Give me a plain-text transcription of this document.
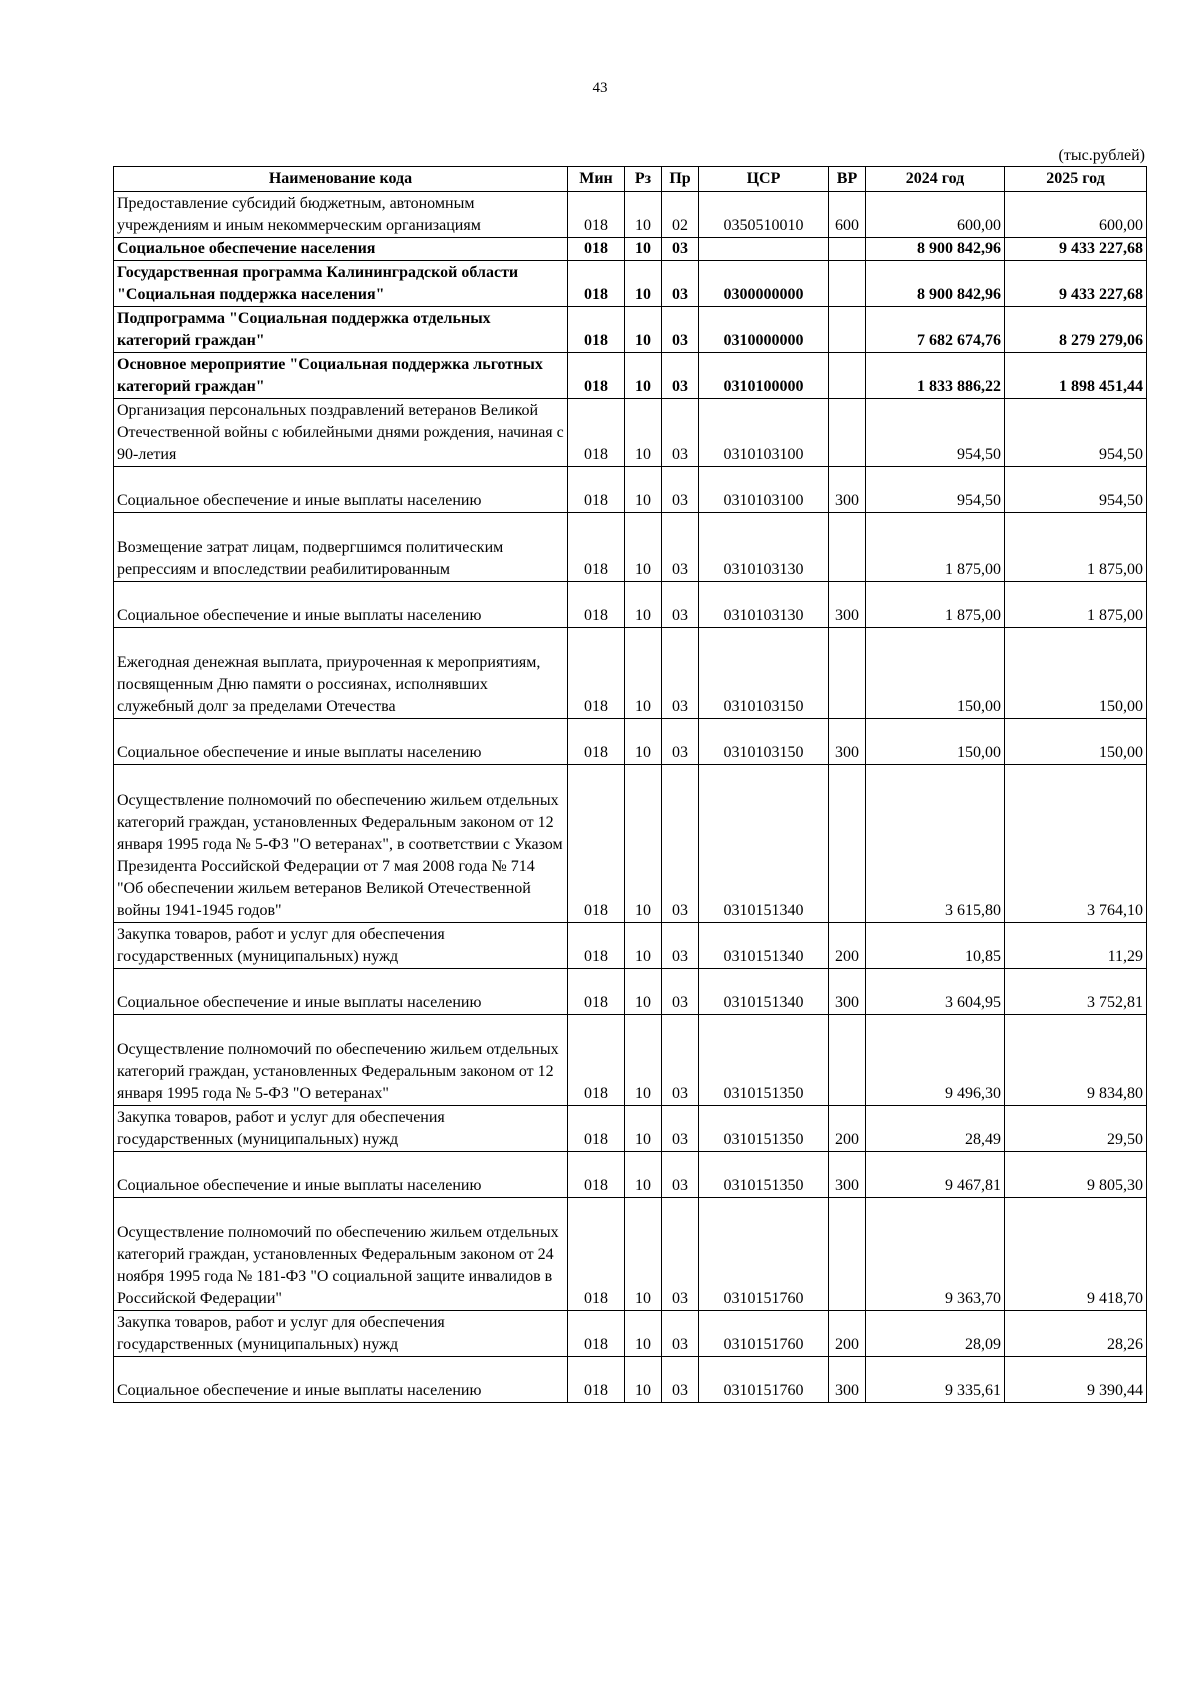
43
(тыс.рублей)
Наименование кода	Мин	Рз	Пр	ЦСР	ВР	2024 год	2025 год
Предоставление субсидий бюджетным, автономным учреждениям и иным некоммерческим организациям	018	10	02	0350510010	600	600,00	600,00
Социальное обеспечение населения	018	10	03			8 900 842,96	9 433 227,68
Государственная программа Калининградской области "Социальная поддержка населения"	018	10	03	0300000000		8 900 842,96	9 433 227,68
Подпрограмма "Социальная поддержка отдельных категорий граждан"	018	10	03	0310000000		7 682 674,76	8 279 279,06
Основное мероприятие "Социальная поддержка льготных категорий граждан"	018	10	03	0310100000		1 833 886,22	1 898 451,44
Организация персональных поздравлений ветеранов Великой Отечественной войны с юбилейными днями рождения, начиная с 90-летия	018	10	03	0310103100		954,50	954,50
Социальное обеспечение и иные выплаты населению	018	10	03	0310103100	300	954,50	954,50
Возмещение затрат лицам, подвергшимся политическим репрессиям и впоследствии реабилитированным	018	10	03	0310103130		1 875,00	1 875,00
Социальное обеспечение и иные выплаты населению	018	10	03	0310103130	300	1 875,00	1 875,00
Ежегодная денежная выплата, приуроченная к мероприятиям, посвященным Дню памяти о россиянах, исполнявших служебный долг за пределами Отечества	018	10	03	0310103150		150,00	150,00
Социальное обеспечение и иные выплаты населению	018	10	03	0310103150	300	150,00	150,00
Осуществление полномочий по обеспечению жильем отдельных категорий граждан, установленных Федеральным законом от 12 января 1995 года № 5-ФЗ "О ветеранах", в соответствии с Указом Президента Российской Федерации от 7 мая 2008 года № 714 "Об обеспечении жильем ветеранов Великой Отечественной войны 1941-1945 годов"	018	10	03	0310151340		3 615,80	3 764,10
Закупка товаров, работ и услуг для обеспечения государственных (муниципальных) нужд	018	10	03	0310151340	200	10,85	11,29
Социальное обеспечение и иные выплаты населению	018	10	03	0310151340	300	3 604,95	3 752,81
Осуществление полномочий по обеспечению жильем отдельных категорий граждан, установленных Федеральным законом от 12 января 1995 года № 5-ФЗ "О ветеранах"	018	10	03	0310151350		9 496,30	9 834,80
Закупка товаров, работ и услуг для обеспечения государственных (муниципальных) нужд	018	10	03	0310151350	200	28,49	29,50
Социальное обеспечение и иные выплаты населению	018	10	03	0310151350	300	9 467,81	9 805,30
Осуществление полномочий по обеспечению жильем отдельных категорий граждан, установленных Федеральным законом от 24 ноября 1995 года № 181-ФЗ "О социальной защите инвалидов в Российской Федерации"	018	10	03	0310151760		9 363,70	9 418,70
Закупка товаров, работ и услуг для обеспечения государственных (муниципальных) нужд	018	10	03	0310151760	200	28,09	28,26
Социальное обеспечение и иные выплаты населению	018	10	03	0310151760	300	9 335,61	9 390,44
